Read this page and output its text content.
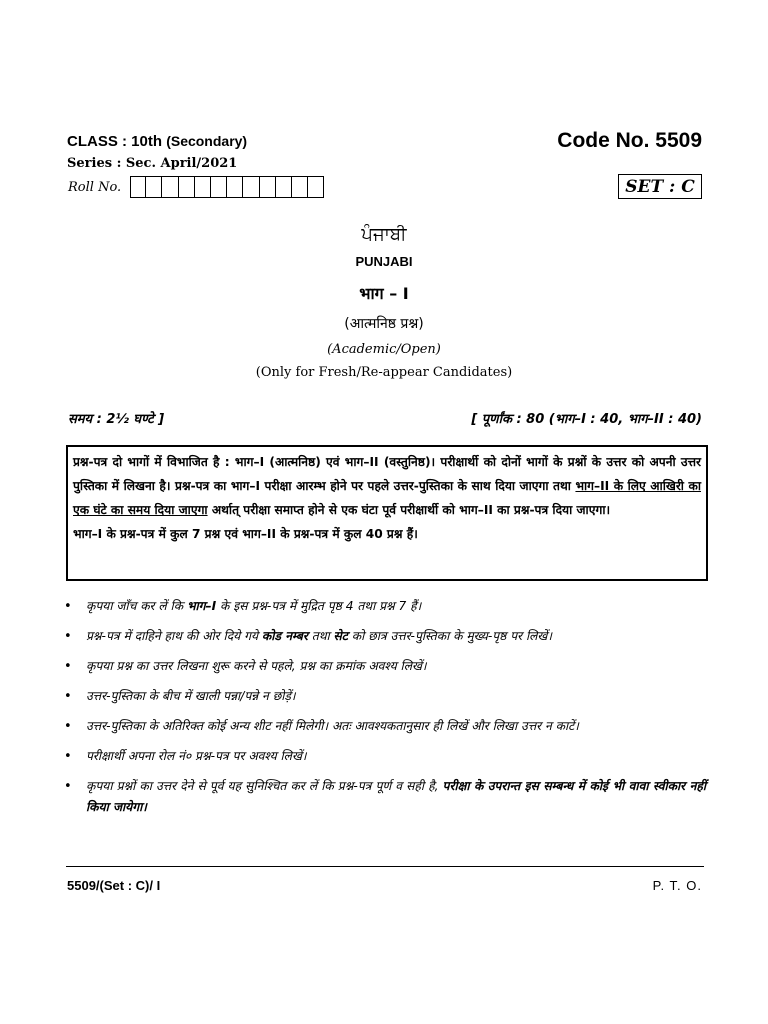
CLASS : 10th (Secondary)	Code No. 5509
Series : Sec. April/2021
Roll No.	SET : C
ਪੰਜਾਬੀ
PUNJABI
भाग – I
(आत्मनिष्ठ प्रश्न)
(Academic/Open)
(Only for Fresh/Re-appear Candidates)
समय : 2½ घण्टे ]	[ पूर्णांक : 80 (भाग–I : 40, भाग–II : 40)

प्रश्न-पत्र दो भागों में विभाजित है : भाग–I (आत्मनिष्ठ) एवं भाग–II (वस्तुनिष्ठ)। परीक्षार्थी को दोनों भागों के प्रश्नों के उत्तर को अपनी उत्तर पुस्तिका में लिखना है। प्रश्न-पत्र का भाग–I परीक्षा आरम्भ होने पर पहले उत्तर-पुस्तिका के साथ दिया जाएगा तथा भाग–II के लिए आखिरी का एक घंटे का समय दिया जाएगा अर्थात् परीक्षा समाप्त होने से एक घंटा पूर्व परीक्षार्थी को भाग–II का प्रश्न-पत्र दिया जाएगा।

भाग–I के प्रश्न-पत्र में कुल 7 प्रश्न एवं भाग–II के प्रश्न-पत्र में कुल 40 प्रश्न हैं।

• कृपया जाँच कर लें कि भाग–I के इस प्रश्न-पत्र में मुद्रित पृष्ठ 4 तथा प्रश्न 7 हैं।
• प्रश्न-पत्र में दाहिने हाथ की ओर दिये गये कोड नम्बर तथा सेट को छात्र उत्तर-पुस्तिका के मुख्य-पृष्ठ पर लिखें।
• कृपया प्रश्न का उत्तर लिखना शुरू करने से पहले, प्रश्न का क्रमांक अवश्य लिखें।
• उत्तर-पुस्तिका के बीच में खाली पन्ना/पन्ने न छोड़ें।
• उत्तर-पुस्तिका के अतिरिक्त कोई अन्य शीट नहीं मिलेगी। अतः आवश्यकतानुसार ही लिखें और लिखा उत्तर न काटें।
• परीक्षार्थी अपना रोल नं० प्रश्न-पत्र पर अवश्य लिखें।
• कृपया प्रश्नों का उत्तर देने से पूर्व यह सुनिश्चित कर लें कि प्रश्न-पत्र पूर्ण व सही है, परीक्षा के उपरान्त इस सम्बन्ध में कोई भी वावा स्वीकार नहीं किया जायेगा।
5509/(Set : C)/ I	P. T. O.
